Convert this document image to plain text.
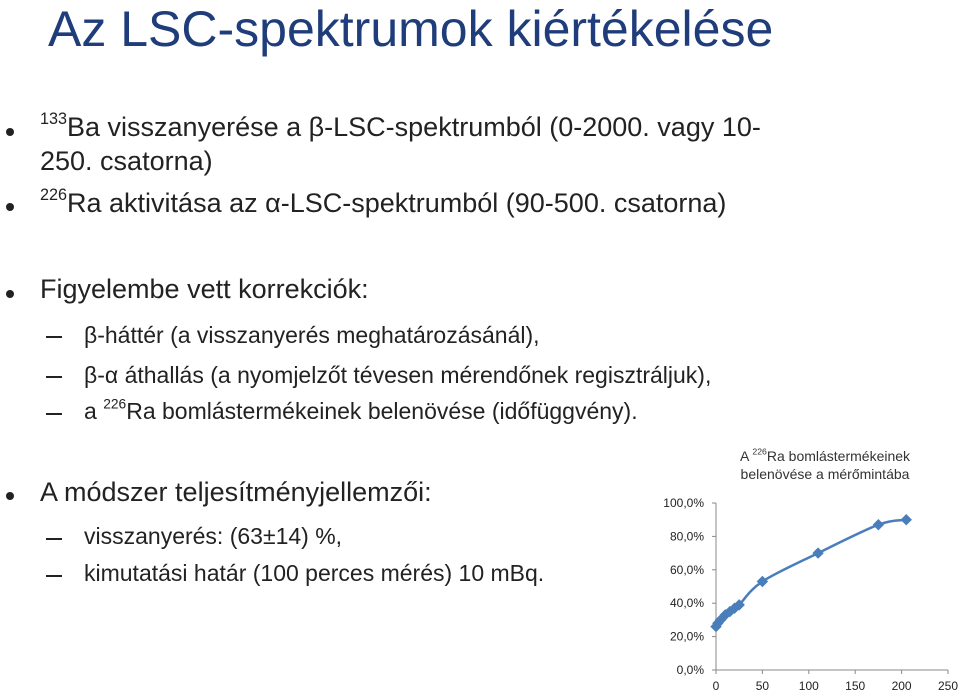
Az LSC-spektrumok kiértékelése
$^{133}$Ba visszanyerése a β-LSC-spektrumból (0-2000. vagy 10-
250. csatorna)
$^{226}$Ra aktivitása az α-LSC-spektrumból (90-500. csatorna)
Figyelembe vett korrekciók:
β-háttér (a visszanyerés meghatározásánál),
β-α áthallás (a nyomjelzőt tévesen mérendőnek regisztráljuk),
a $^{226}$Ra bomlástermékeinek belenövése (időfüggvény).
A módszer teljesítményjellemzői:
visszanyerés: (63±14) %,
kimutatási határ (100 perces mérés) 10 mBq.
A $^{226}$Ra bomlástermékeinek
belenövése a mérőmintába
0,0%
20,0%
40,0%
60,0%
80,0%
100,0%
0	50 100 150 200 250
